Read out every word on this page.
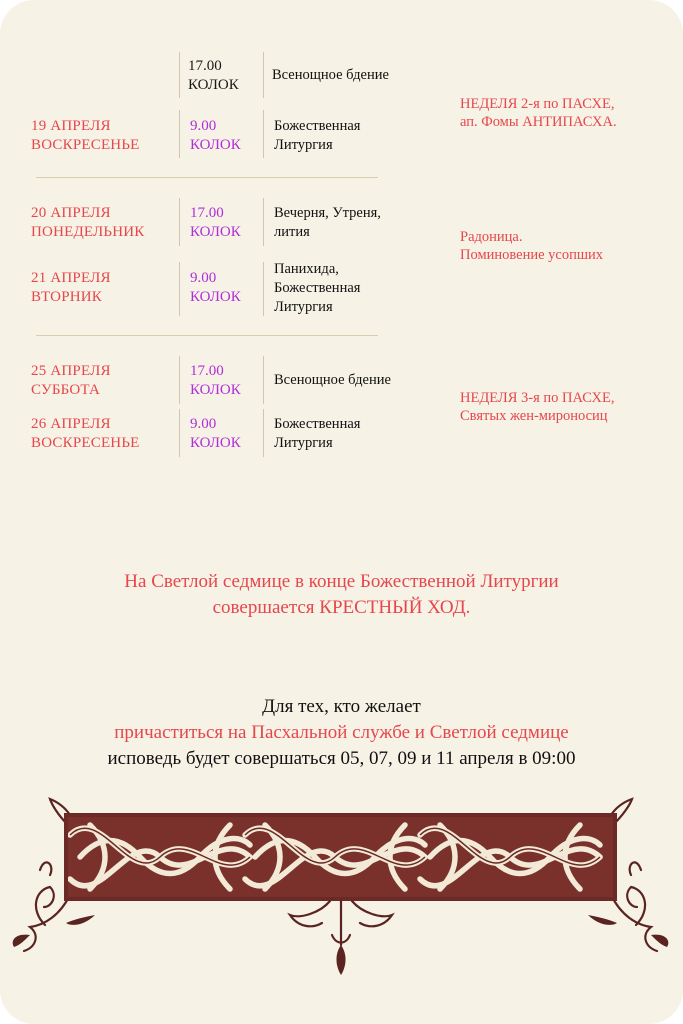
17.00
КОЛОК
Всенощное бдение
19 АПРЕЛЯ
ВОСКРЕСЕНЬЕ
9.00
КОЛОК
Божественная
Литургия
НЕДЕЛЯ 2-я по ПАСХЕ,
ап. Фомы АНТИПАСХА.
20 АПРЕЛЯ
ПОНЕДЕЛЬНИК
17.00
КОЛОК
Вечерня, Утреня,
лития
21 АПРЕЛЯ
ВТОРНИК
9.00
КОЛОК
Панихида,
Божественная
Литургия
Радоница.
Поминовение усопших
25 АПРЕЛЯ
СУББОТА
17.00
КОЛОК
Всенощное бдение
26 АПРЕЛЯ
ВОСКРЕСЕНЬЕ
9.00
КОЛОК
Божественная
Литургия
НЕДЕЛЯ 3-я по ПАСХЕ,
Святых жен-мироносиц
На Светлой седмице в конце Божественной Литургии
совершается КРЕСТНЫЙ ХОД.
Для тех, кто желает
причаститься на Пасхальной службе и Светлой седмице
исповедь будет совершаться 05, 07, 09 и 11 апреля в 09:00
